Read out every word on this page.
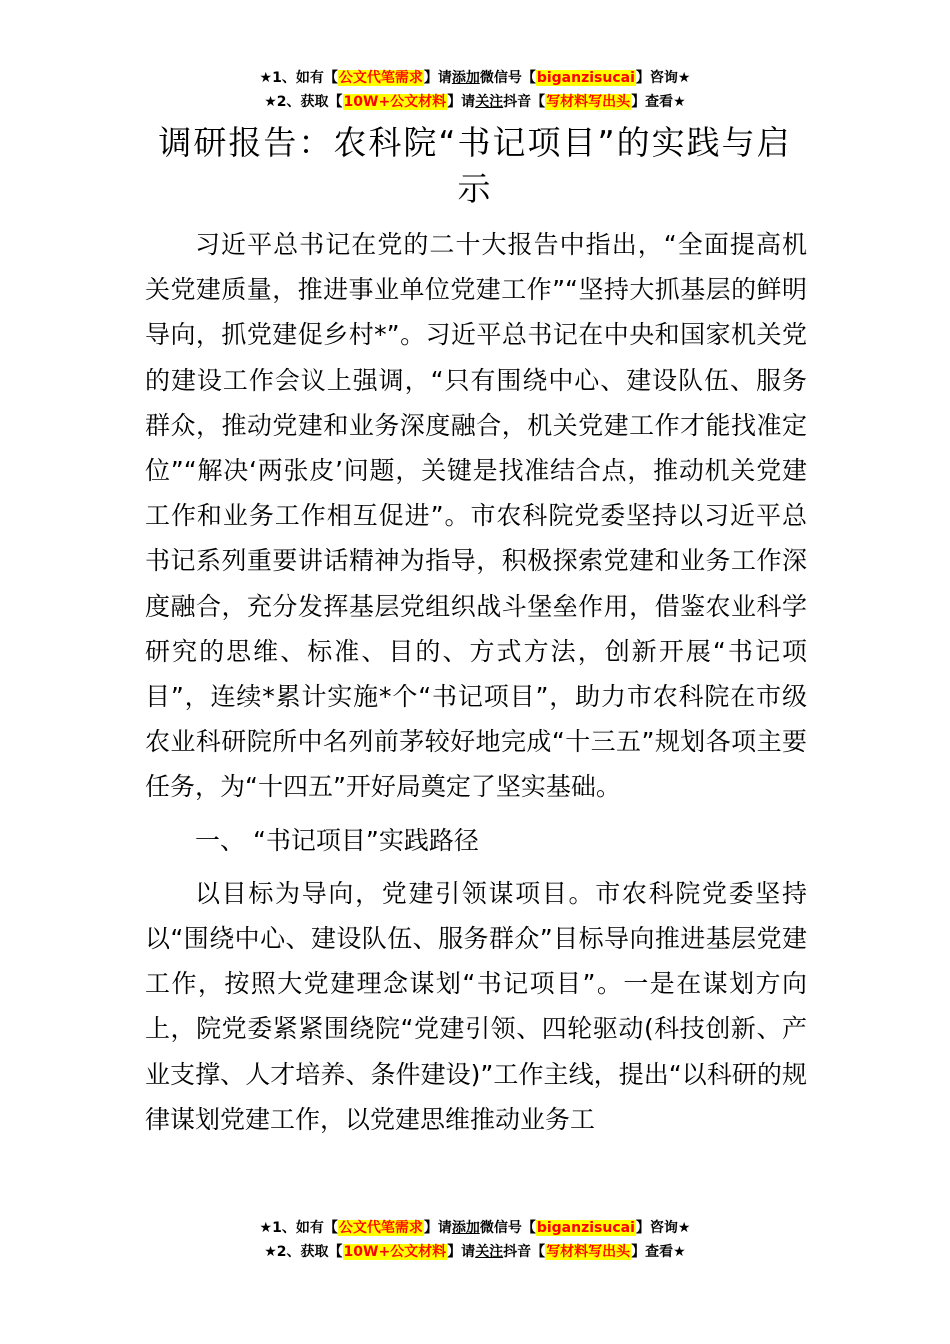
★1、如有【公文代笔需求】请添加微信号【biganzisucai】咨询★
★2、获取【10W+公文材料】请关注抖音【写材料写出头】查看★
调研报告：农科院“书记项目”的实践与启示

习近平总书记在党的二十大报告中指出，“全面提高机关党建质量，推进事业单位党建工作”“坚持大抓基层的鲜明导向，抓党建促乡村*”。习近平总书记在中央和国家机关党的建设工作会议上强调，“只有围绕中心、建设队伍、服务群众，推动党建和业务深度融合，机关党建工作才能找准定位”“解决‘两张皮’问题，关键是找准结合点，推动机关党建工作和业务工作相互促进”。市农科院党委坚持以习近平总书记系列重要讲话精神为指导，积极探索党建和业务工作深度融合，充分发挥基层党组织战斗堡垒作用，借鉴农业科学研究的思维、标准、目的、方式方法，创新开展“书记项目”，连续*累计实施*个“书记项目”，助力市农科院在市级农业科研院所中名列前茅较好地完成“十三五”规划各项主要任务，为“十四五”开好局奠定了坚实基础。

一、 “书记项目”实践路径

以目标为导向，党建引领谋项目。市农科院党委坚持以“围绕中心、建设队伍、服务群众”目标导向推进基层党建工作，按照大党建理念谋划“书记项目”。一是在谋划方向上，院党委紧紧围绕院“党建引领、四轮驱动(科技创新、产业支撑、人才培养、条件建设)”工作主线，提出“以科研的规律谋划党建工作，以党建思维推动业务工

★1、如有【公文代笔需求】请添加微信号【biganzisucai】咨询★
★2、获取【10W+公文材料】请关注抖音【写材料写出头】查看★
